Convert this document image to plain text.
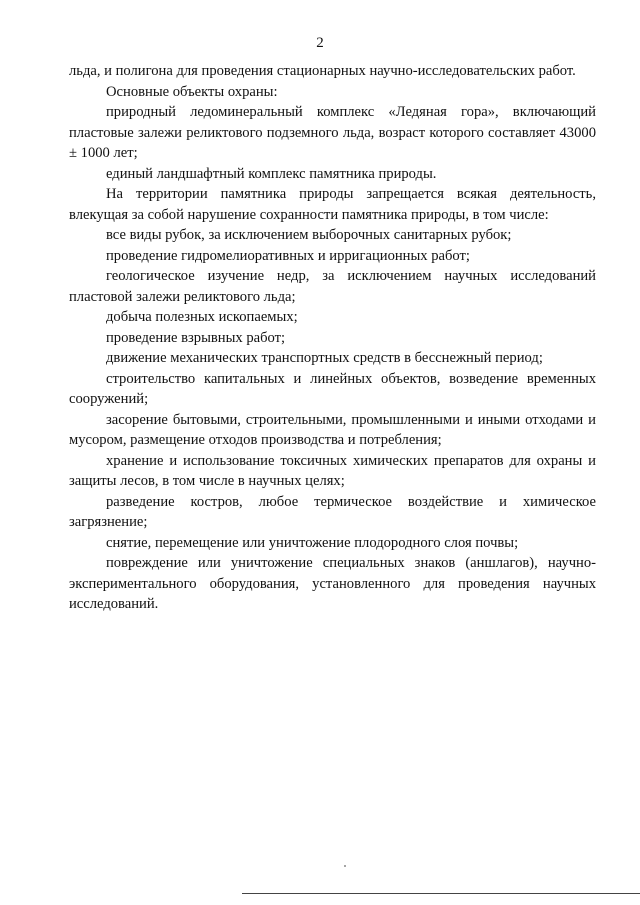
2

льда, и полигона для проведения стационарных научно-исследовательских работ.

Основные объекты охраны:

природный ледоминеральный комплекс «Ледяная гора», включающий пластовые залежи реликтового подземного льда, возраст которого составляет 43000 ± 1000 лет;

единый ландшафтный комплекс памятника природы.

На территории памятника природы запрещается всякая деятельность, влекущая за собой нарушение сохранности памятника природы, в том числе:

все виды рубок, за исключением выборочных санитарных рубок;

проведение гидромелиоративных и ирригационных работ;

геологическое изучение недр, за исключением научных исследований пластовой залежи реликтового льда;

добыча полезных ископаемых;

проведение взрывных работ;

движение механических транспортных средств в бесснежный период;

строительство капитальных и линейных объектов, возведение временных сооружений;

засорение бытовыми, строительными, промышленными и иными отходами и мусором, размещение отходов производства и потребления;

хранение и использование токсичных химических препаратов для охраны и защиты лесов, в том числе в научных целях;

разведение костров, любое термическое воздействие и химическое загрязнение;

снятие, перемещение или уничтожение плодородного слоя почвы;

повреждение или уничтожение специальных знаков (аншлагов), научно-экспериментального оборудования, установленного для проведения научных исследований.
